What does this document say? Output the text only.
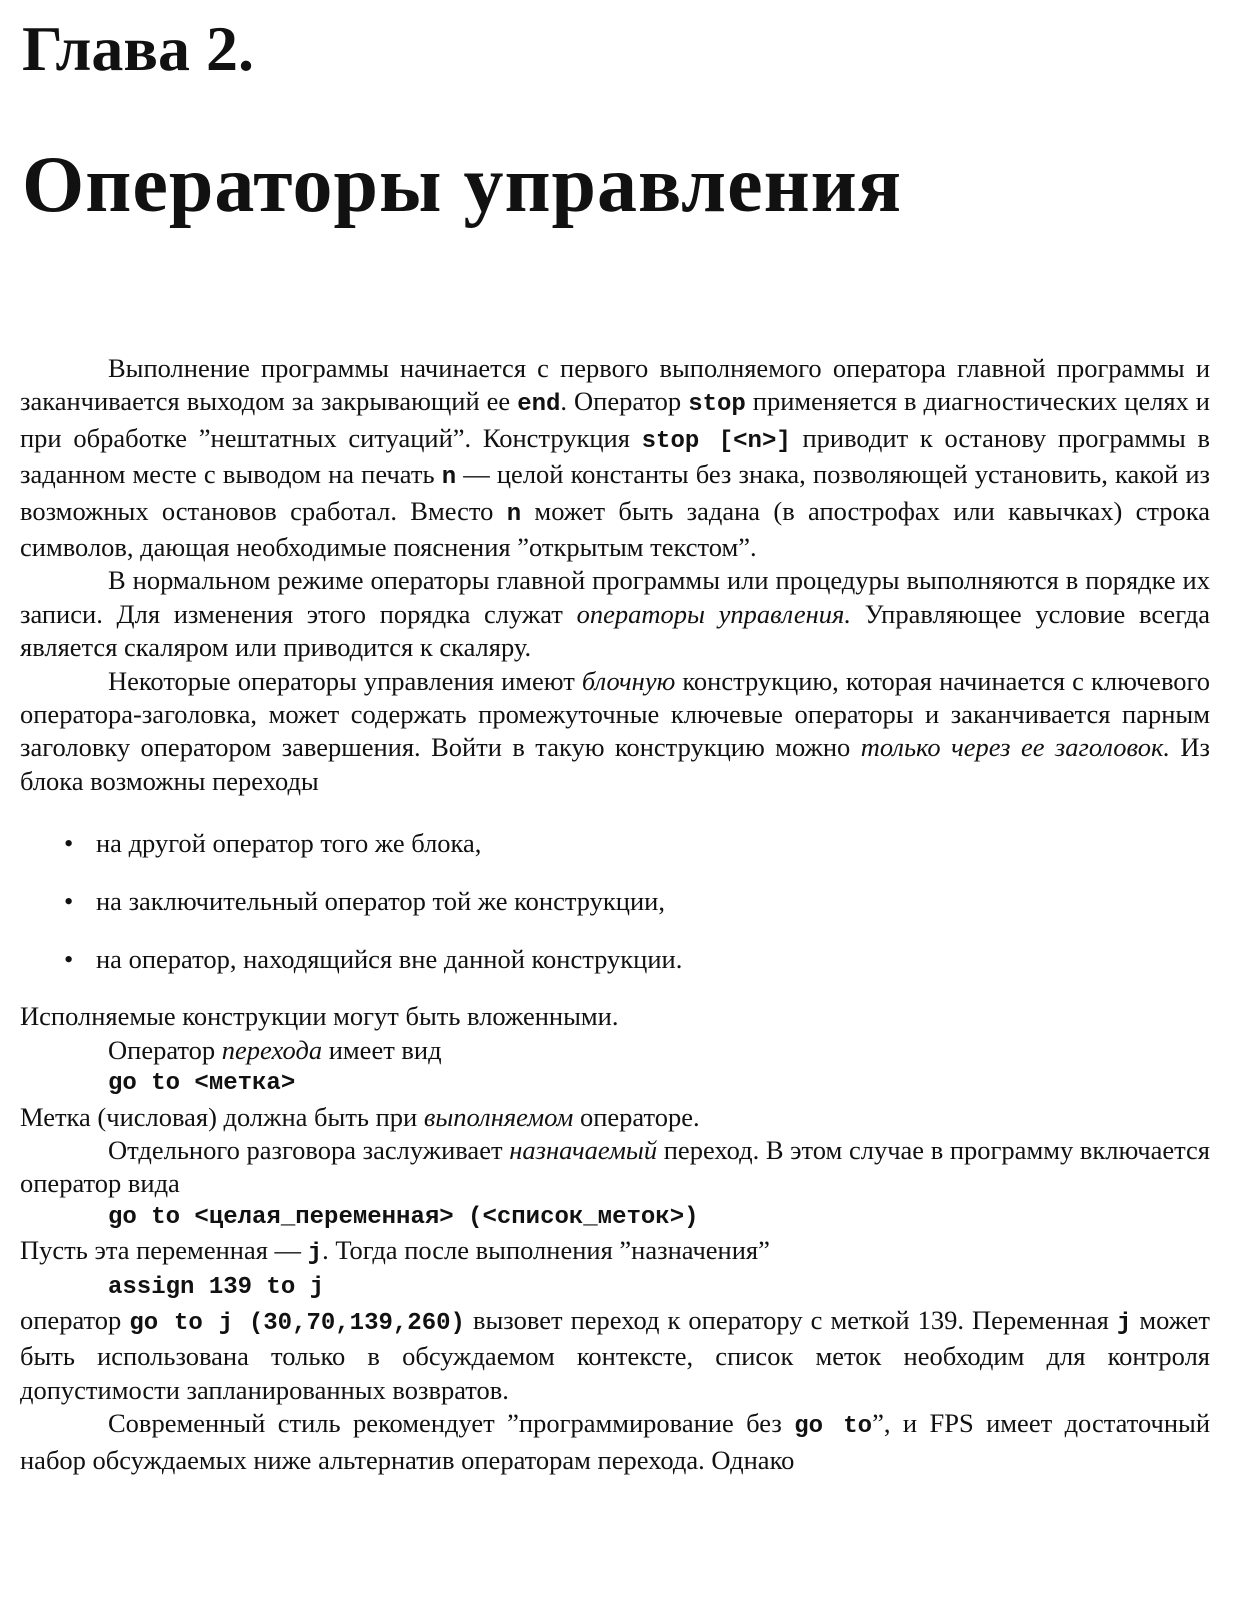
Глава 2.
Операторы управления

Выполнение программы начинается с первого выполняемого оператора главной программы и заканчивается выходом за закрывающий ее end. Оператор stop применяется в диагностических целях и при обработке ”нештатных ситуаций”. Конструкция stop [<n>] приводит к останову программы в заданном месте с выводом на печать n — целой константы без знака, позволяющей установить, какой из возможных остановов сработал. Вместо n может быть задана (в апострофах или кавычках) строка символов, дающая необходимые пояснения ”открытым текстом”.

В нормальном режиме операторы главной программы или процедуры выполняются в порядке их записи. Для изменения этого порядка служат операторы управления. Управляющее условие всегда является скаляром или приводится к скаляру.

Некоторые операторы управления имеют блочную конструкцию, которая начинается с ключевого оператора-заголовка, может содержать промежуточные ключевые операторы и заканчивается парным заголовку оператором завершения. Войти в такую конструкцию можно только через ее заголовок. Из блока возможны переходы

• на другой оператор того же блока,
• на заключительный оператор той же конструкции,
• на оператор, находящийся вне данной конструкции.

Исполняемые конструкции могут быть вложенными.

Оператор перехода имеет вид

go to <метка>

Метка (числовая) должна быть при выполняемом операторе.

Отдельного разговора заслуживает назначаемый переход. В этом случае в программу включается оператор вида

go to <целая_переменная> (<список_меток>)

Пусть эта переменная — j. Тогда после выполнения ”назначения”

assign 139 to j

оператор go to j (30,70,139,260) вызовет переход к оператору с меткой 139. Переменная j может быть использована только в обсуждаемом контексте, список меток необходим для контроля допустимости запланированных возвратов.

Современный стиль рекомендует ”программирование без go to”, и FPS имеет достаточный набор обсуждаемых ниже альтернатив операторам перехода. Однако
